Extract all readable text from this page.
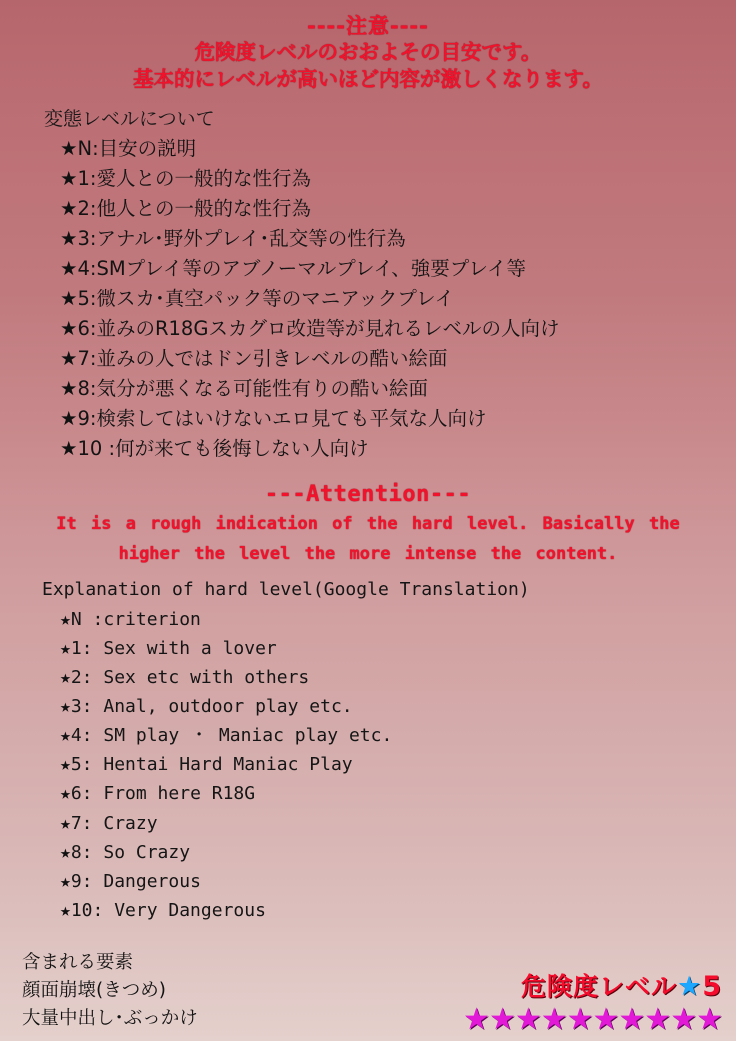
----注意----
危険度レベルのおおよその目安です。
基本的にレベルが高いほど内容が激しくなります。
変態レベルについて
★N:目安の説明
★1:愛人との一般的な性行為
★2:他人との一般的な性行為
★3:アナル･野外プレイ･乱交等の性行為
★4:SMプレイ等のアブノーマルプレイ、強要プレイ等
★5:微スカ･真空パック等のマニアックプレイ
★6:並みのR18Gスカグロ改造等が見れるレベルの人向け
★7:並みの人ではドン引きレベルの酷い絵面
★8:気分が悪くなる可能性有りの酷い絵面
★9:検索してはいけないエロ見ても平気な人向け
★10 :何が来ても後悔しない人向け
---Attention---
It is a rough indication of the hard level. Basically the
higher the level the more intense the content.
Explanation of hard level(Google Translation)
★N :criterion
★1: Sex with a lover
★2: Sex etc with others
★3: Anal, outdoor play etc.
★4: SM play ・ Maniac play etc.
★5: Hentai Hard Maniac Play
★6: From here R18G
★7: Crazy
★8: So Crazy
★9: Dangerous
★10: Very Dangerous
含まれる要素
顔面崩壊(きつめ)
大量中出し･ぶっかけ
危険度レベル★5
★★★★★★★★★★
